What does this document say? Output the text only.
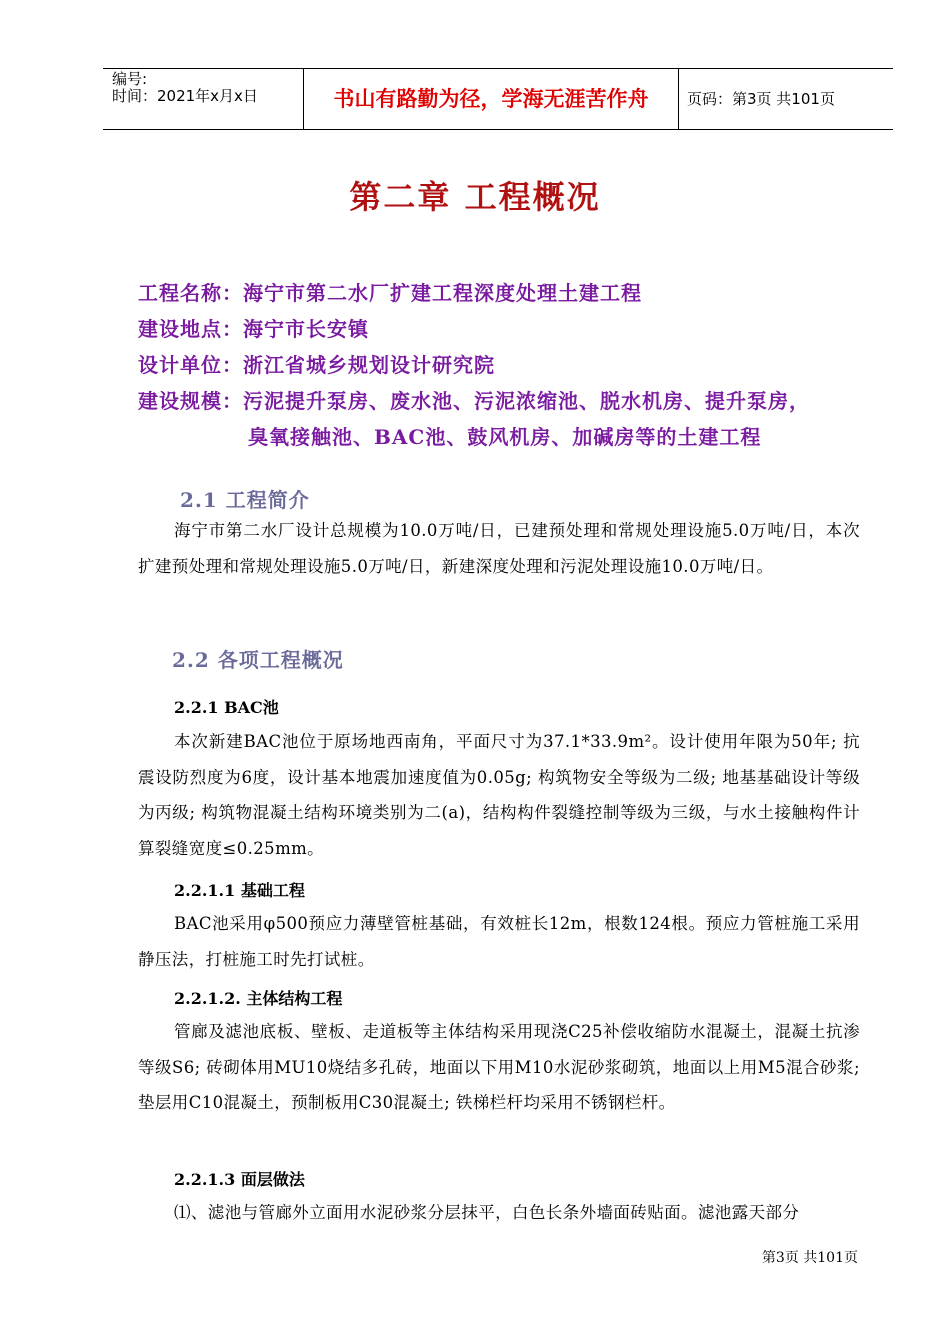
编号:
时间：2021年x月x日	书山有路勤为径，学海无涯苦作舟	页码：第3页 共101页
第二章 工程概况
工程名称：海宁市第二水厂扩建工程深度处理土建工程
建设地点：海宁市长安镇
设计单位：浙江省城乡规划设计研究院
建设规模：污泥提升泵房、废水池、污泥浓缩池、脱水机房、提升泵房，
臭氧接触池、BAC池、鼓风机房、加碱房等的土建工程
2.1 工程简介
海宁市第二水厂设计总规模为10.0万吨/日，已建预处理和常规处理设施5.0万吨/日，本次扩建预处理和常规处理设施5.0万吨/日，新建深度处理和污泥处理设施10.0万吨/日。
2.2 各项工程概况
2.2.1 BAC池
本次新建BAC池位于原场地西南角，平面尺寸为37.1*33.9m²。设计使用年限为50年; 抗震设防烈度为6度，设计基本地震加速度值为0.05g; 构筑物安全等级为二级; 地基基础设计等级为丙级; 构筑物混凝土结构环境类别为二(a)，结构构件裂缝控制等级为三级，与水土接触构件计算裂缝宽度≤0.25mm。
2.2.1.1 基础工程
BAC池采用φ500预应力薄壁管桩基础，有效桩长12m，根数124根。预应力管桩施工采用静压法，打桩施工时先打试桩。
2.2.1.2. 主体结构工程
管廊及滤池底板、壁板、走道板等主体结构采用现浇C25补偿收缩防水混凝土，混凝土抗渗等级S6; 砖砌体用MU10烧结多孔砖，地面以下用M10水泥砂浆砌筑，地面以上用M5混合砂浆; 垫层用C10混凝土，预制板用C30混凝土; 铁梯栏杆均采用不锈钢栏杆。
2.2.1.3 面层做法
⑴、滤池与管廊外立面用水泥砂浆分层抹平，白色长条外墙面砖贴面。滤池露天部分
第3页 共101页
